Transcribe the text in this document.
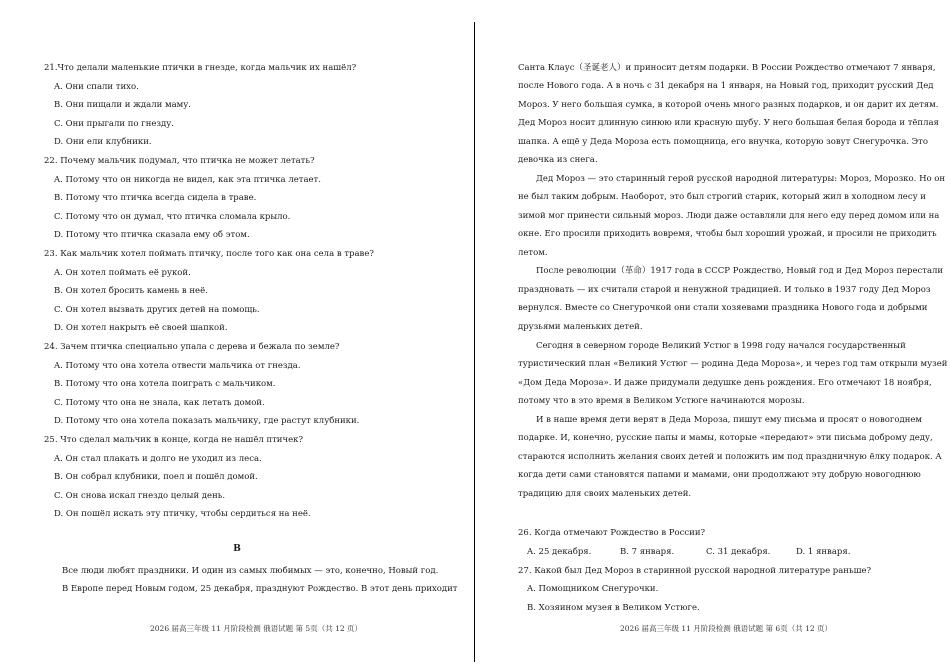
21.Что делали маленькие птички в гнезде, когда мальчик их нашёл?
A. Они спали тихо.
B. Они пищали и ждали маму.
C. Они прыгали по гнезду.
D. Они ели клубники.
22. Почему мальчик подумал, что птичка не может летать?
A. Потому что он никогда не видел, как эта птичка летает.
B. Потому что птичка всегда сидела в траве.
C. Потому что он думал, что птичка сломала крыло.
D. Потому что птичка сказала ему об этом.
23. Как мальчик хотел поймать птичку, после того как она села в траве?
A. Он хотел поймать её рукой.
B. Он хотел бросить камень в неё.
C. Он хотел вызвать других детей на помощь.
D. Он хотел накрыть её своей шапкой.
24. Зачем птичка специально упала с дерева и бежала по земле?
A. Потому что она хотела отвести мальчика от гнезда.
B. Потому что она хотела поиграть с мальчиком.
C. Потому что она не знала, как летать домой.
D. Потому что она хотела показать мальчику, где растут клубники.
25. Что сделал мальчик в конце, когда не нашёл птичек?
A. Он стал плакать и долго не уходил из леса.
B. Он собрал клубники, поел и пошёл домой.
C. Он снова искал гнездо целый день.
D. Он пошёл искать эту птичку, чтобы сердиться на неё.
B
Все люди любят праздники. И один из самых любимых — это, конечно, Новый год.
В Европе перед Новым годом, 25 декабря, празднуют Рождество. В этот день приходит
2026 届高三年级 11 月阶段检测 俄语试题 第 5页（共 12 页）
Санта Клаус（圣诞老人）и приносит детям подарки. В России Рождество отмечают 7 января,
после Нового года. А в ночь с 31 декабря на 1 января, на Новый год, приходит русский Дед
Мороз. У него большая сумка, в которой очень много разных подарков, и он дарит их детям.
Дед Мороз носит длинную синюю или красную шубу. У него большая белая борода и тёплая
шапка. А ещё у Деда Мороза есть помощница, его внучка, которую зовут Снегурочка. Это
девочка из снега.
Дед Мороз — это старинный герой русской народной литературы: Мороз, Морозко. Но он
не был таким добрым. Наоборот, это был строгий старик, который жил в холодном лесу и
зимой мог принести сильный мороз. Люди даже оставляли для него еду перед домом или на
окне. Его просили приходить вовремя, чтобы был хороший урожай, и просили не приходить
летом.
После революции（革命）1917 года в СССР Рождество, Новый год и Дед Мороз перестали
праздновать — их считали старой и ненужной традицией. И только в 1937 году Дед Мороз
вернулся. Вместе со Снегурочкой они стали хозяевами праздника Нового года и добрыми
друзьями маленьких детей.
Сегодня в северном городе Великий Устюг в 1998 году начался государственный
туристический план «Великий Устюг — родина Деда Мороза», и через год там открыли музей
«Дом Деда Мороза». И даже придумали дедушке день рождения. Его отмечают 18 ноября,
потому что в это время в Великом Устюге начинаются морозы.
И в наше время дети верят в Деда Мороза, пишут ему письма и просят о новогоднем
подарке. И, конечно, русские папы и мамы, которые «передают» эти письма доброму деду,
стараются исполнить желания своих детей и положить им под праздничную ёлку подарок. А
когда дети сами становятся папами и мамами, они продолжают эту добрую новогоднюю
традицию для своих маленьких детей.
26. Когда отмечают Рождество в России?
A. 25 декабря.	B. 7 января.	C. 31 декабря.	D. 1 января.
27. Какой был Дед Мороз в старинной русской народной литературе раньше?
A. Помощником Снегурочки.
B. Хозяином музея в Великом Устюге.
2026 届高三年级 11 月阶段检测 俄语试题 第 6页（共 12 页）
